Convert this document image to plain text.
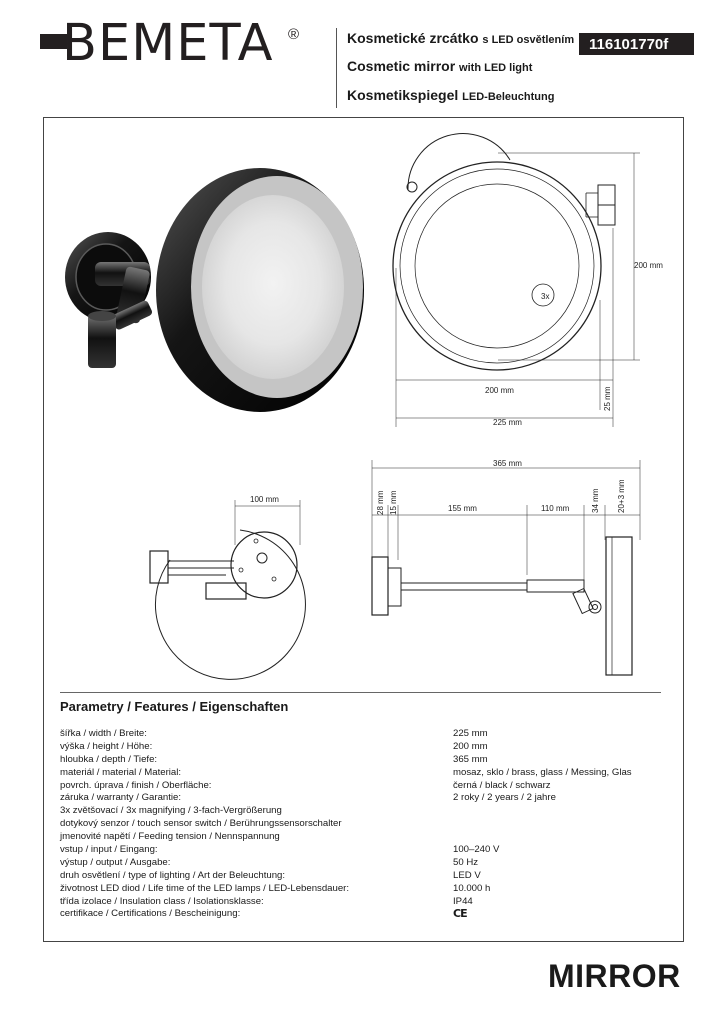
BEMETA ®	Kosmetické zrcátko s LED osvětlením
Cosmetic mirror with LED light
Kosmetikspiegel LED-Beleuchtung
116101770f
200 mm
200 mm	25 mm
225 mm
3x
365 mm
28 mm 15 mm	155 mm	110 mm	34 mm 20+3 mm
100 mm
Parametry / Features / Eigenschaften
šířka / width / Breite:	225 mm
výška / height / Höhe:	200 mm
hloubka / depth / Tiefe:	365 mm
materiál / material / Material:	mosaz, sklo / brass, glass / Messing, Glas
povrch. úprava / finish / Oberfläche:	černá / black / schwarz
záruka / warranty / Garantie:	2 roky / 2 years / 2 jahre
3x zvětšovací / 3x magnifying / 3-fach-Vergrößerung
dotykový senzor / touch sensor switch / Berührungssensorschalter
jmenovité napětí / Feeding tension / Nennspannung
vstup / input / Eingang:	100–240 V
výstup / output / Ausgabe:	50 Hz
druh osvětlení / type of lighting / Art der Beleuchtung:	LED V
životnost LED diod / Life time of the LED lamps / LED-Lebensdauer:	10.000 h
třída izolace / Insulation class / Isolationsklasse:	IP44
certifikace / Certifications / Bescheinigung:	CE
MIRROR
